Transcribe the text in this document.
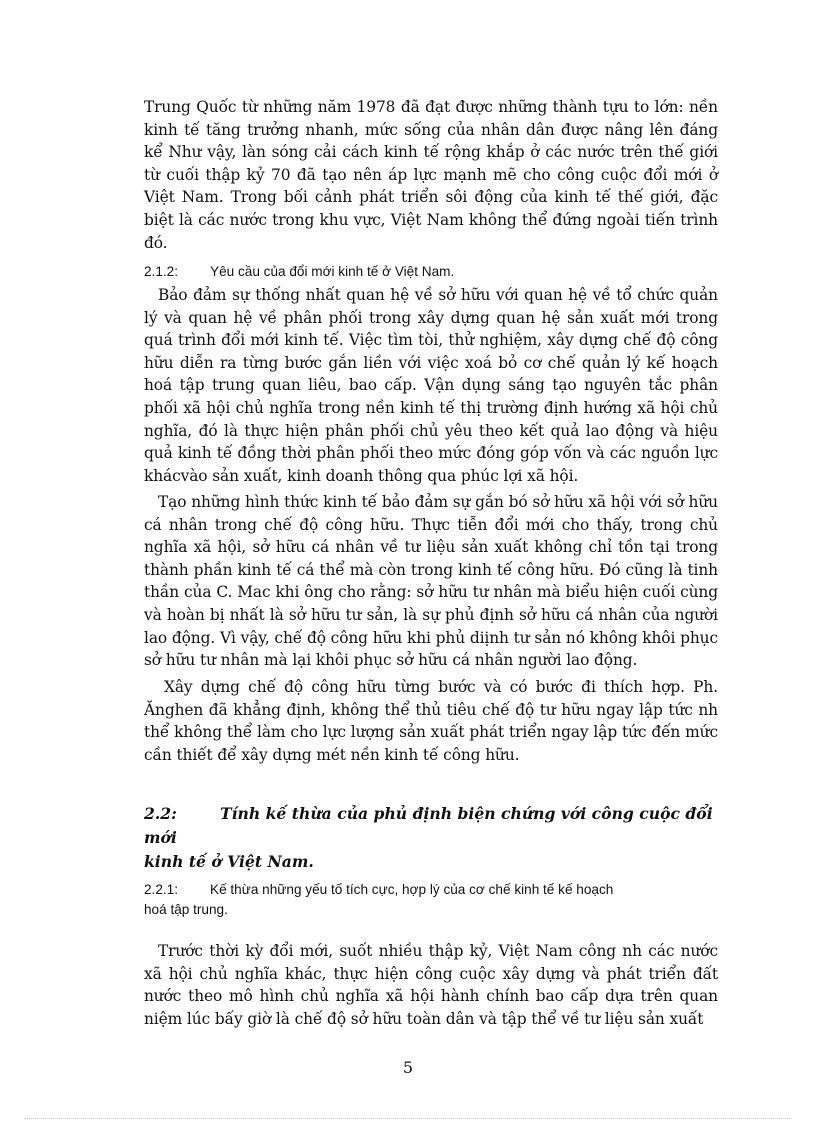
Trung Quốc từ những năm 1978 đã đạt được những thành tựu to lớn: nền kinh tế tăng trưởng nhanh, mức sống của nhân dân được nâng lên đáng kể Như vậy, làn sóng cải cách kinh tế rộng khắp ở các nước trên thế giới từ cuối thập kỷ 70 đã tạo nên áp lực mạnh mẽ cho công cuộc đổi mới ở Việt Nam. Trong bối cảnh phát triển sôi động của kinh tế thế giới, đặc biệt là các nước trong khu vực, Việt Nam không thể đứng ngoài tiến trình đó.

2.1.2: Yêu cầu của đổi mới kinh tế ở Việt Nam.

Bảo đảm sự thống nhất quan hệ về sở hữu với quan hệ về tổ chức quản lý và quan hệ về phân phối trong xây dựng quan hệ sản xuất mới trong quá trình đổi mới kinh tế. Việc tìm tòi, thử nghiệm, xây dựng chế độ công hữu diễn ra từng bước gắn liền với việc xoá bỏ cơ chế quản lý kế hoạch hoá tập trung quan liêu, bao cấp. Vận dụng sáng tạo nguyên tắc phân phối xã hội chủ nghĩa trong nền kinh tế thị trường định hướng xã hội chủ nghĩa, đó là thực hiện phân phối chủ yêu theo kết quả lao động và hiệu quả kinh tế đồng thời phân phối theo mức đóng góp vốn và các nguồn lực khácvào sản xuất, kinh doanh thông qua phúc lợi xã hội.

Tạo những hình thức kinh tế bảo đảm sự gắn bó sở hữu xã hội với sở hữu cá nhân trong chế độ công hữu. Thực tiễn đổi mới cho thấy, trong chủ nghĩa xã hội, sở hữu cá nhân về tư liệu sản xuất không chỉ tồn tại trong thành phần kinh tế cá thể mà còn trong kinh tế công hữu. Đó cũng là tinh thần của C. Mac khi ông cho rằng: sở hữu tư nhân mà biểu hiện cuối cùng và hoàn bị nhất là sở hữu tư sản, là sự phủ định sở hữu cá nhân của người lao động. Vì vậy, chế độ công hữu khi phủ diịnh tư sản nó không khôi phục sở hữu tư nhân mà lại khôi phục sở hữu cá nhân người lao động.

Xây dựng chế độ công hữu từng bước và có bước đi thích hợp. Ph. Ănghen đã khẳng định, không thể thủ tiêu chế độ tư hữu ngay lập tức nh thể không thể làm cho lực lượng sản xuất phát triển ngay lập tức đến mức cần thiết để xây dựng mét nền kinh tế công hữu.

2.2:	Tính kế thừa của phủ định biện chứng với công cuộc đổi mới
kinh tế ở Việt Nam.
2.2.1: Kế thừa những yếu tố tích cực, hợp lý của cơ chế kinh tế kế hoạch
hoá tập trung.

Trước thời kỳ đổi mới, suốt nhiều thập kỷ, Việt Nam công nh các nước xã hội chủ nghĩa khác, thực hiện công cuộc xây dựng và phát triển đất nước theo mô hình chủ nghĩa xã hội hành chính bao cấp dựa trên quan niệm lúc bấy giờ là chế độ sở hữu toàn dân và tập thể về tư liệu sản xuất

5
